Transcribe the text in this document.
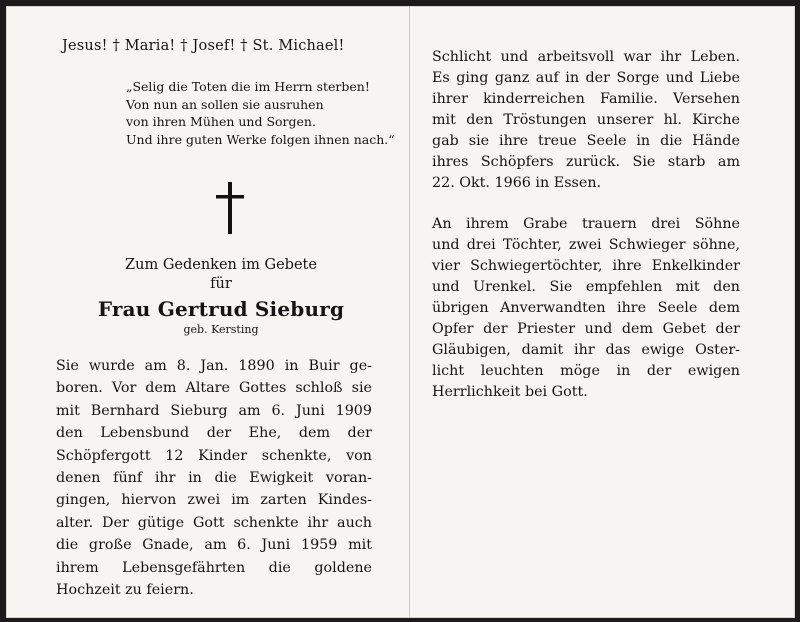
Jesus! † Maria! † Josef! † St. Michael!
„Selig die Toten die im Herrn sterben!
Von nun an sollen sie ausruhen
von ihren Mühen und Sorgen.
Und ihre guten Werke folgen ihnen nach.“
Zum Gedenken im Gebete
für
Frau Gertrud Sieburg
geb. Kersting
Sie wurde am 8. Jan. 1890 in Buir ge-
boren. Vor dem Altare Gottes schloß sie
mit Bernhard Sieburg am 6. Juni 1909
den Lebensbund der Ehe, dem der
Schöpfergott 12 Kinder schenkte, von
denen fünf ihr in die Ewigkeit voran-
gingen, hiervon zwei im zarten Kindes-
alter. Der gütige Gott schenkte ihr auch
die große Gnade, am 6. Juni 1959 mit
ihrem Lebensgefährten die goldene
Hochzeit zu feiern.
Schlicht und arbeitsvoll war ihr Leben.
Es ging ganz auf in der Sorge und Liebe
ihrer kinderreichen Familie. Versehen
mit den Tröstungen unserer hl. Kirche
gab sie ihre treue Seele in die Hände
ihres Schöpfers zurück. Sie starb am
22. Okt. 1966 in Essen.
An ihrem Grabe trauern drei Söhne
und drei Töchter, zwei Schwieger söhne,
vier Schwiegertöchter, ihre Enkelkinder
und Urenkel. Sie empfehlen mit den
übrigen Anverwandten ihre Seele dem
Opfer der Priester und dem Gebet der
Gläubigen, damit ihr das ewige Oster-
licht leuchten möge in der ewigen
Herrlichkeit bei Gott.
